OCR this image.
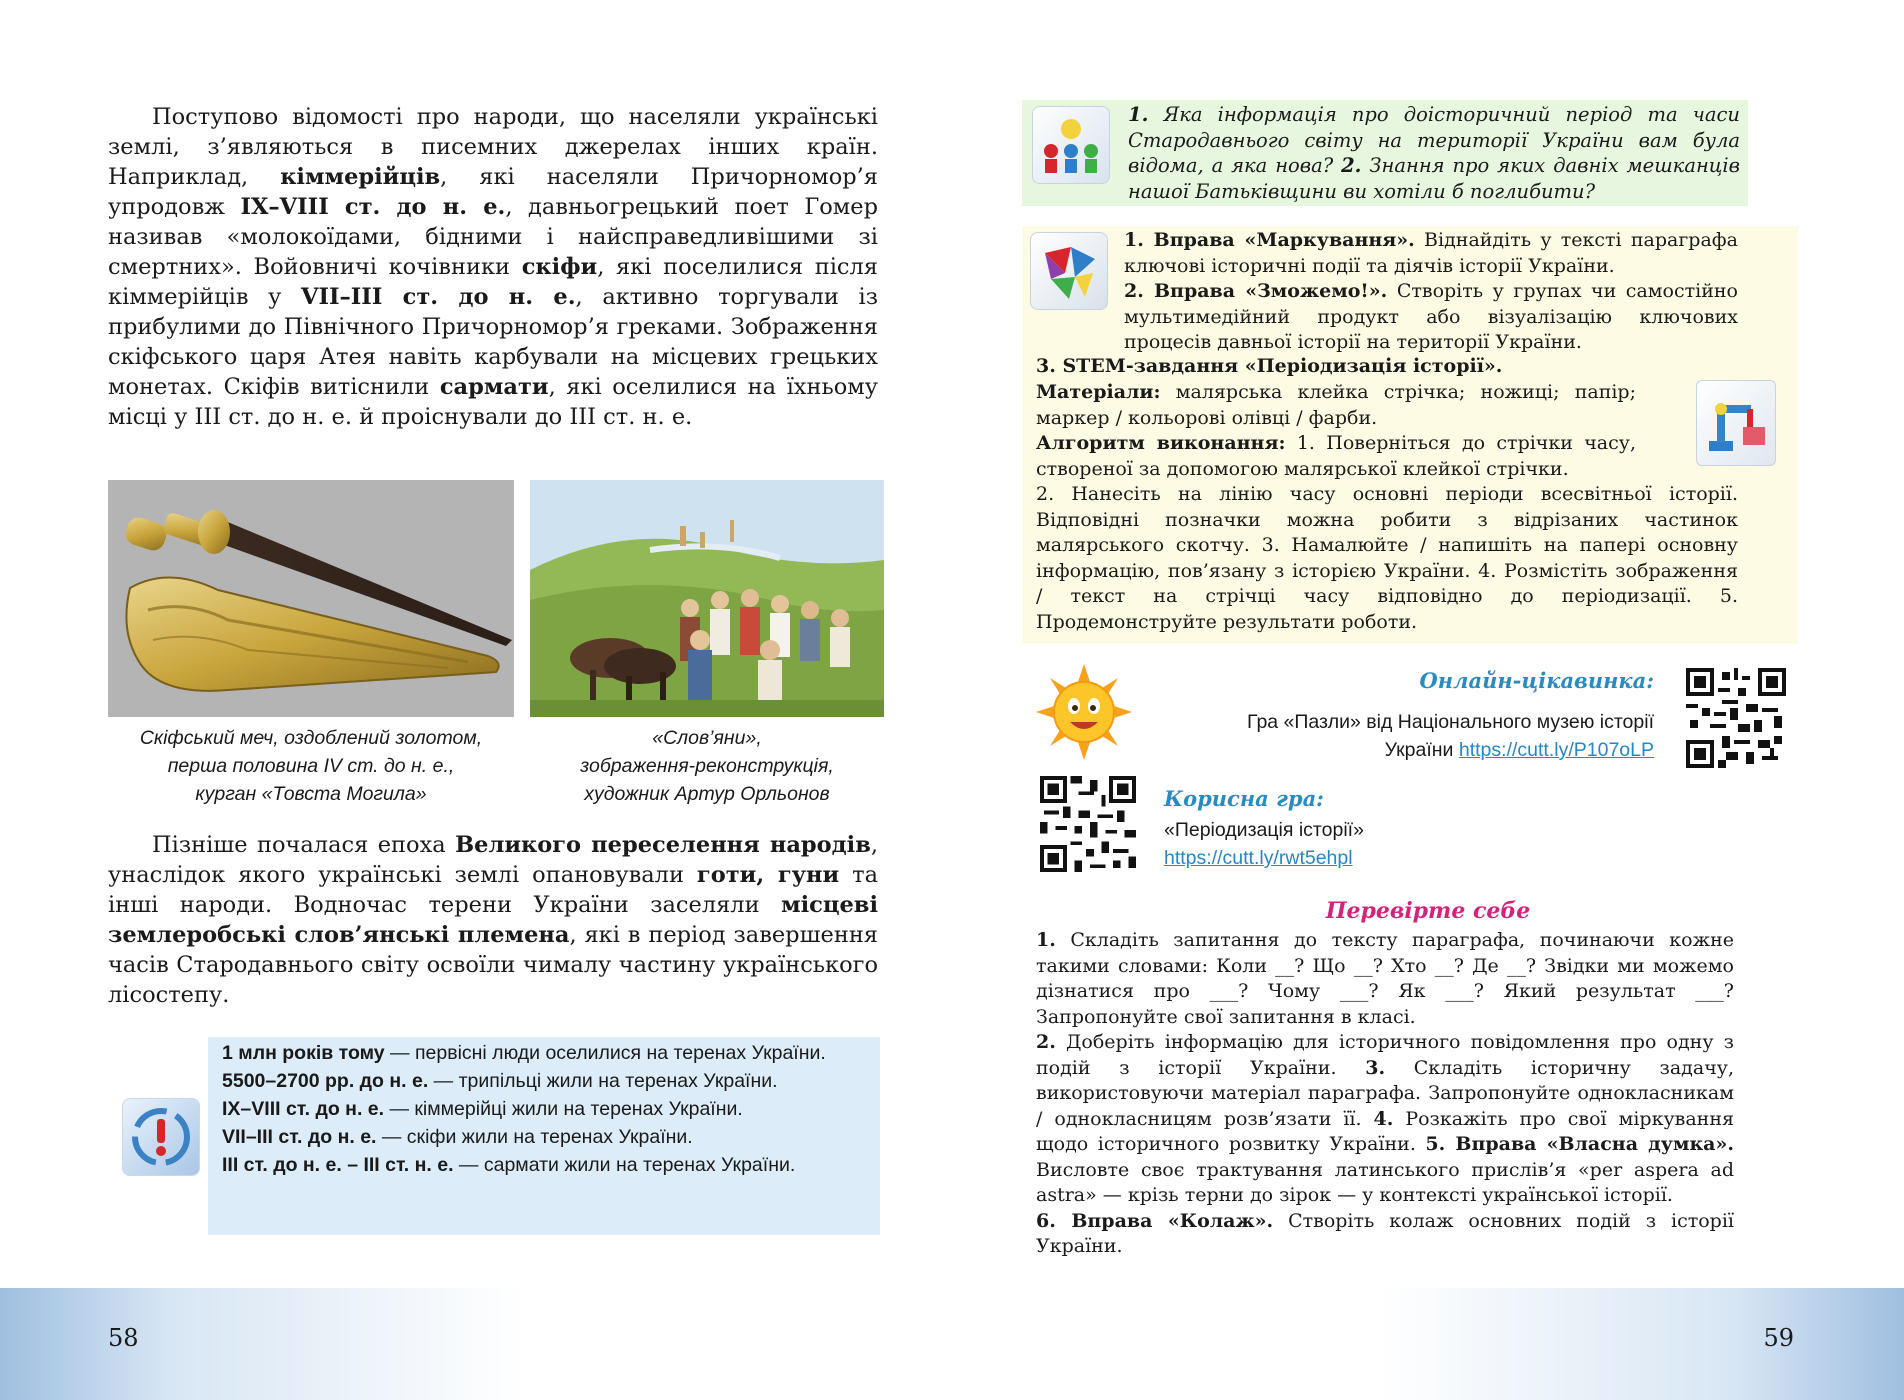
Поступово відомості про народи, що населяли українські землі, з’являються в писемних джерелах інших країн. Наприклад, кіммерійців, які населяли Причорномор’я упродовж IX–VIII ст. до н. е., давньогрецький поет Гомер називав «молокоїдами, бідними і найсправедливішими зі смертних». Войовничі кочівники скіфи, які поселилися після кіммерійців у VII–III ст. до н. е., активно торгували із прибулими до Північного Причорномор’я греками. Зображення скіфського царя Атея навіть карбували на місцевих грецьких монетах. Скіфів витіснили сармати, які оселилися на їхньому місці у III ст. до н. е. й проіснували до III ст. н. е.

Скіфський меч, оздоблений золотом,
перша половина IV ст. до н. е.,
курган «Товста Могила»
«Слов’яни»,
зображення-реконструкція,
художник Артур Орльонов

Пізніше почалася епоха Великого переселення народів, унаслідок якого українські землі опановували готи, гуни та інші народи. Водночас терени України заселяли місцеві землеробські слов’янські племена, які в період завершення часів Стародавнього світу освоїли чималу частину українського лісостепу.

1 млн років тому — первісні люди оселилися на теренах України.
5500–2700 рр. до н. е. — трипільці жили на теренах України.
IX–VIII ст. до н. е. — кіммерійці жили на теренах України.
VII–III ст. до н. е. — скіфи жили на теренах України.
III ст. до н. е. – III ст. н. е. — сармати жили на теренах України.
58
1. Яка інформація про доісторичний період та часи Стародавнього світу на території України вам була відома, а яка нова? 2. Знання про яких давніх мешканців нашої Батьківщини ви хотіли б поглибити?
1. Вправа «Маркування». Віднайдіть у тексті параграфа ключові історичні події та діячів історії України.
2. Вправа «Зможемо!». Створіть у групах чи самостійно мультимедійний продукт або візуалізацію ключових процесів давньої історії на території України.
3. STEM-завдання «Періодизація історії».
Матеріали: малярська клейка стрічка; ножиці; папір; маркер / кольорові олівці / фарби.
Алгоритм виконання: 1. Поверніться до стрічки часу, створеної за допомогою малярської клейкої стрічки.
2. Нанесіть на лінію часу основні періоди всесвітньої історії. Відповідні позначки можна робити з відрізаних частинок малярського скотчу. 3. Намалюйте / напишіть на папері основну інформацію, пов’язану з історією України. 4. Розмістіть зображення / текст на стрічці часу відповідно до періодизації. 5. Продемонструйте результати роботи.
Онлайн-цікавинка:
Гра «Пазли» від Національного музею історії України https://cutt.ly/P107oLP
Корисна гра:
«Періодизація історії»
https://cutt.ly/rwt5ehpl
Перевірте себе

1. Складіть запитання до тексту параграфа, починаючи кожне такими словами: Коли __? Що __? Хто __? Де __? Звідки ми можемо дізнатися про ___? Чому ___? Як ___? Який результат ___? Запропонуйте свої запитання в класі.

2. Доберіть інформацію для історичного повідомлення про одну з подій з історії України. 3. Складіть історичну задачу, використовуючи матеріал параграфа. Запропонуйте однокласникам / однокласницям розв’язати її. 4. Розкажіть про свої міркування щодо історичного розвитку України. 5. Вправа «Власна думка». Висловте своє трактування латинського прислів’я «per aspera ad astra» — крізь терни до зірок — у контексті української історії.

6. Вправа «Колаж». Створіть колаж основних подій з історії України.

59
